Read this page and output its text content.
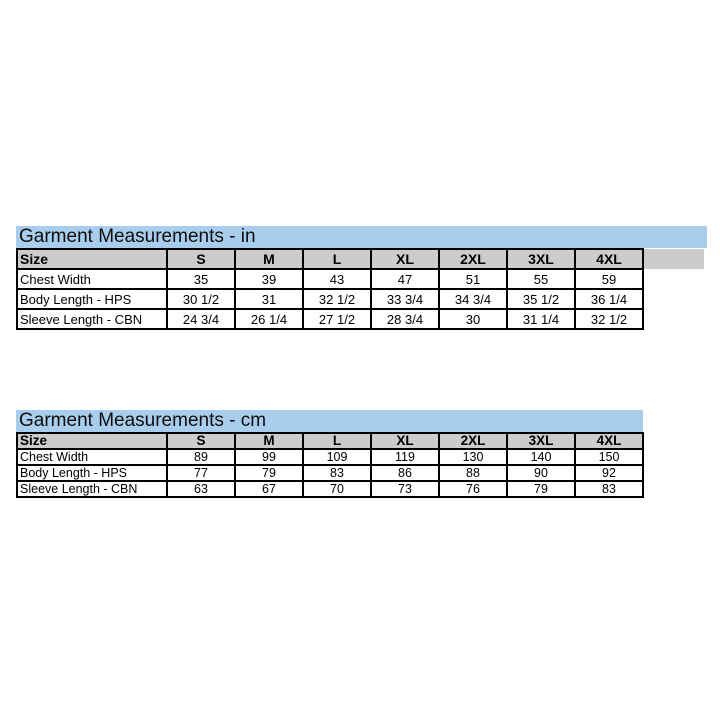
Garment Measurements - in
Size	S	M	L	XL	2XL	3XL	4XL	
Chest Width	35	39	43	47	51	55	59	
Body Length - HPS	30 1/2	31	32 1/2	33 3/4	34 3/4	35 1/2	36 1/4	
Sleeve Length - CBN	24 3/4	26 1/4	27 1/2	28 3/4	30	31 1/4	32 1/2	
Garment Measurements - cm
Size	S	M	L	XL	2XL	3XL	4XL
Chest Width	89	99	109	119	130	140	150
Body Length - HPS	77	79	83	86	88	90	92
Sleeve Length - CBN	63	67	70	73	76	79	83
